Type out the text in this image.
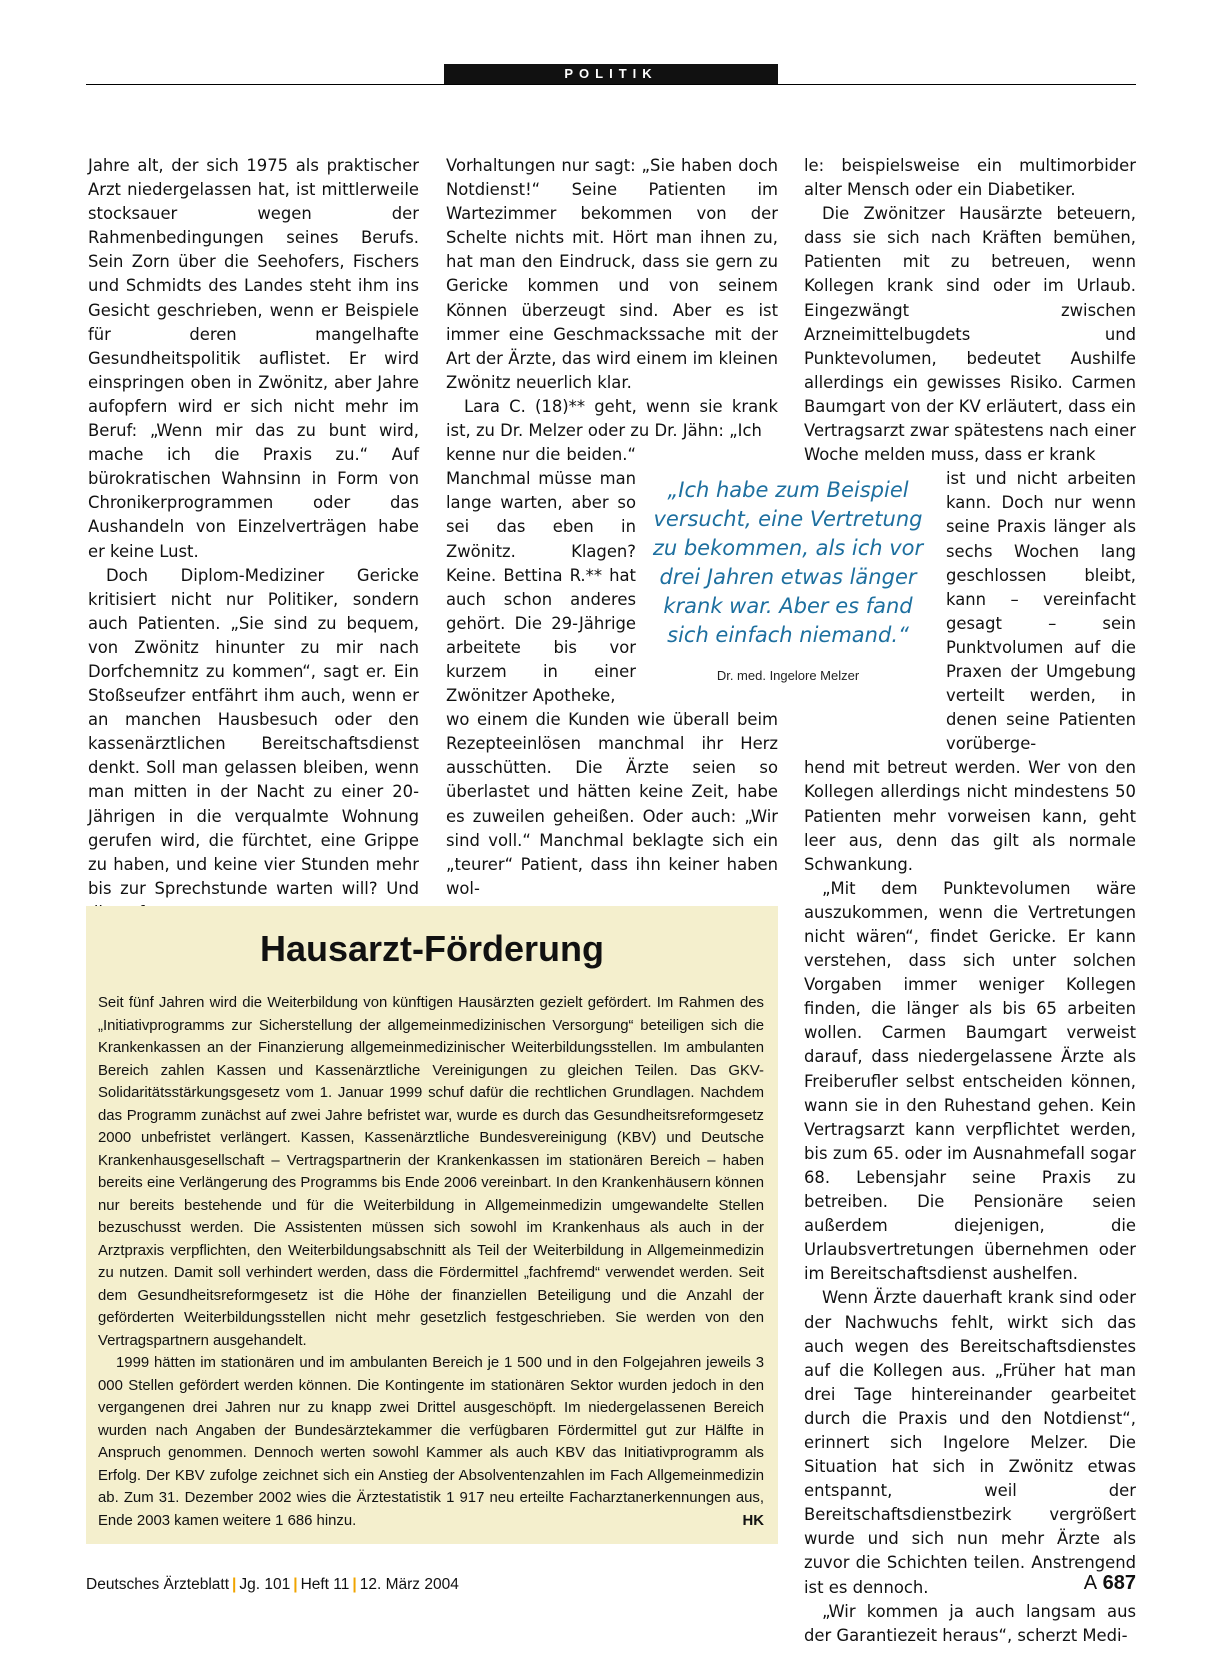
POLITIK

Jahre alt, der sich 1975 als praktischer Arzt niedergelassen hat, ist mittlerweile stocksauer wegen der Rahmenbedingungen seines Berufs. Sein Zorn über die Seehofers, Fischers und Schmidts des Landes steht ihm ins Gesicht geschrieben, wenn er Beispiele für deren mangelhafte Gesundheitspolitik auflistet. Er wird einspringen oben in Zwönitz, aber Jahre aufopfern wird er sich nicht mehr im Beruf: „Wenn mir das zu bunt wird, mache ich die Praxis zu.“ Auf bürokratischen Wahnsinn in Form von Chronikerprogrammen oder das Aushandeln von Einzelverträgen habe er keine Lust.

Doch Diplom-Mediziner Gericke kritisiert nicht nur Politiker, sondern auch Patienten. „Sie sind zu bequem, von Zwönitz hinunter zu mir nach Dorfchemnitz zu kommen“, sagt er. Ein Stoßseufzer entfährt ihm auch, wenn er an manchen Hausbesuch oder den kassenärztlichen Bereitschaftsdienst denkt. Soll man gelassen bleiben, wenn man mitten in der Nacht zu einer 20-Jährigen in die verqualmte Wohnung gerufen wird, die fürchtet, eine Grippe zu haben, und keine vier Stunden mehr bis zur Sprechstunde warten will? Und

Vorhaltungen nur sagt: „Sie haben doch Notdienst!“ Seine Patienten im Wartezimmer bekommen von der Schelte nichts mit. Hört man ihnen zu, hat man den Eindruck, dass sie gern zu Gericke kommen und von seinem Können überzeugt sind. Aber es ist immer eine Geschmackssache mit der Art der Ärzte, das wird einem im kleinen Zwönitz neuerlich klar.

Lara C. (18)** geht, wenn sie krank ist, zu Dr. Melzer oder zu Dr. Jähn: „Ich

kenne nur die beiden.“ Manchmal müsse man lange warten, aber so sei das eben in Zwönitz. Klagen? Keine. Bettina R.** hat auch schon anderes gehört. Die 29-Jährige arbeitete bis vor kurzem in einer Zwönitzer Apotheke,

wo einem die Kunden wie überall beim Rezepteeinlösen manchmal ihr Herz ausschütten. Die Ärzte seien so überlastet und hätten keine Zeit, habe es zuweilen geheißen. Oder auch: „Wir sind voll.“ Manchmal beklagte sich ein „teurer“ Patient, dass ihn keiner haben wol-

le: beispielsweise ein multimorbider alter Mensch oder ein Diabetiker.

Die Zwönitzer Hausärzte beteuern, dass sie sich nach Kräften bemühen, Patienten mit zu betreuen, wenn Kollegen krank sind oder im Urlaub. Eingezwängt zwischen Arzneimittelbugdets und Punktevolumen, bedeutet Aushilfe allerdings ein gewisses Risiko. Carmen Baumgart von der KV erläutert, dass ein Vertragsarzt zwar spätestens nach einer Woche melden muss, dass er krank

ist und nicht arbeiten kann. Doch nur wenn seine Praxis länger als sechs Wochen lang geschlossen bleibt, kann – vereinfacht gesagt – sein Punktvolumen auf die Praxen der Umgebung verteilt werden, in denen seine Patienten vorüberge-

hend mit betreut werden. Wer von den Kollegen allerdings nicht mindestens 50 Patienten mehr vorweisen kann, geht leer aus, denn das gilt als normale Schwankung.

„Mit dem Punktevolumen wäre auszukommen, wenn die Vertretungen nicht wären“, findet Gericke. Er kann verstehen, dass sich unter solchen Vorgaben immer weniger Kollegen finden, die länger als bis 65 arbeiten wollen. Carmen Baumgart verweist darauf, dass niedergelassene Ärzte als Freiberufler selbst entscheiden können, wann sie in den Ruhestand gehen. Kein Vertragsarzt kann verpflichtet werden, bis zum 65. oder im Ausnahmefall sogar 68. Lebensjahr seine Praxis zu betreiben. Die Pensionäre seien außerdem diejenigen, die Urlaubsvertretungen übernehmen oder im Bereitschaftsdienst aushelfen.

Wenn Ärzte dauerhaft krank sind oder der Nachwuchs fehlt, wirkt sich das auch wegen des Bereitschaftsdienstes auf die Kollegen aus. „Früher hat man drei Tage hintereinander gearbeitet durch die Praxis und den Notdienst“, erinnert sich Ingelore Melzer. Die Situation hat sich in Zwönitz etwas entspannt, weil der Bereitschaftsdienstbezirk vergrößert wurde und sich nun mehr Ärzte als zuvor die Schichten teilen. Anstrengend ist es dennoch.

„Wir kommen ja auch langsam aus der Garantiezeit heraus“, scherzt Medi-

„Ich habe zum Beispiel versucht, eine Vertretung zu bekommen, als ich vor drei Jahren etwas länger krank war. Aber es fand sich einfach niemand.“
Dr. med. Ingelore Melzer
Hausarzt-Förderung

Seit fünf Jahren wird die Weiterbildung von künftigen Hausärzten gezielt gefördert. Im Rahmen des „Initiativprogramms zur Sicherstellung der allgemeinmedizinischen Versorgung“ beteiligen sich die Krankenkassen an der Finanzierung allgemeinmedizinischer Weiterbildungsstellen. Im ambulanten Bereich zahlen Kassen und Kassenärztliche Vereinigungen zu gleichen Teilen. Das GKV-Solidaritätsstärkungsgesetz vom 1. Januar 1999 schuf dafür die rechtlichen Grundlagen. Nachdem das Programm zunächst auf zwei Jahre befristet war, wurde es durch das Gesundheitsreformgesetz 2000 unbefristet verlängert. Kassen, Kassenärztliche Bundesvereinigung (KBV) und Deutsche Krankenhausgesellschaft – Vertragspartnerin der Krankenkassen im stationären Bereich – haben bereits eine Verlängerung des Programms bis Ende 2006 vereinbart. In den Krankenhäusern können nur bereits bestehende und für die Weiterbildung in Allgemeinmedizin umgewandelte Stellen bezuschusst werden. Die Assistenten müssen sich sowohl im Krankenhaus als auch in der Arztpraxis verpflichten, den Weiterbildungsabschnitt als Teil der Weiterbildung in Allgemeinmedizin zu nutzen. Damit soll verhindert werden, dass die Fördermittel „fachfremd“ verwendet werden. Seit dem Gesundheitsreformgesetz ist die Höhe der finanziellen Beteiligung und die Anzahl der geförderten Weiterbildungsstellen nicht mehr gesetzlich festgeschrieben. Sie werden von den Vertragspartnern ausgehandelt.

1999 hätten im stationären und im ambulanten Bereich je 1 500 und in den Folgejahren jeweils 3 000 Stellen gefördert werden können. Die Kontingente im stationären Sektor wurden jedoch in den vergangenen drei Jahren nur zu knapp zwei Drittel ausgeschöpft. Im niedergelassenen Bereich wurden nach Angaben der Bundesärztekammer die verfügbaren Fördermittel gut zur Hälfte in Anspruch genommen. Dennoch werten sowohl Kammer als auch KBV das Initiativprogramm als Erfolg. Der KBV zufolge zeichnet sich ein Anstieg der Absolventenzahlen im Fach Allgemeinmedizin ab. Zum 31. Dezember 2002 wies die Ärztestatistik 1 917 neu erteilte Facharztanerkennungen aus, Ende 2003 kamen weitere 1 686 hinzu.	HK

Deutsches Ärzteblatt | Jg. 101 | Heft 11 | 12. März 2004	A 687
